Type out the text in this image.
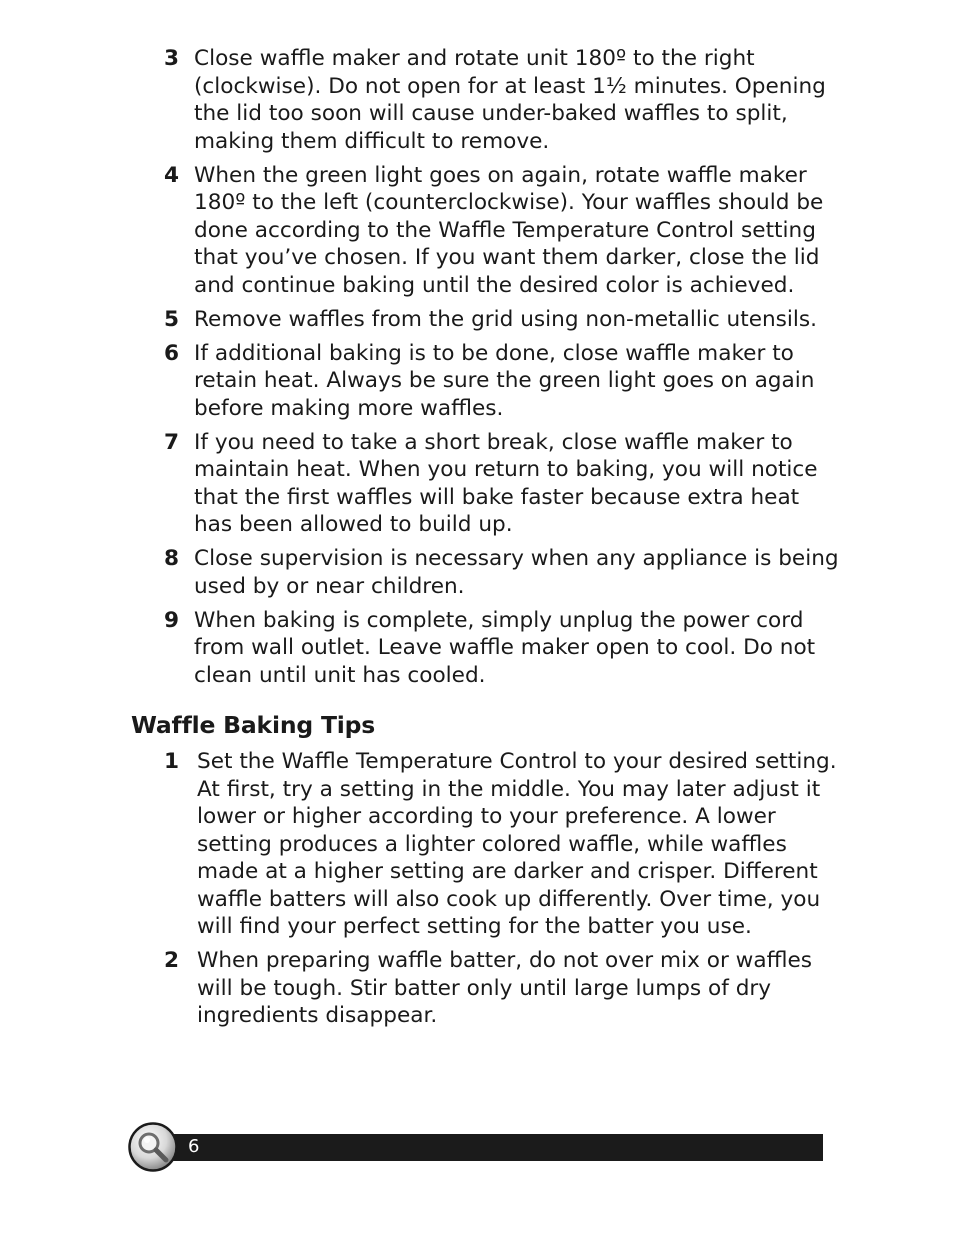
3 Close waffle maker and rotate unit 180º to the right (clockwise). Do not open for at least 1½ minutes. Opening the lid too soon will cause under-baked waffles to split, making them difficult to remove.
4 When the green light goes on again, rotate waffle maker 180º to the left (counterclockwise). Your waffles should be done according to the Waffle Temperature Control setting that you’ve chosen. If you want them darker, close the lid and continue baking until the desired color is achieved.
5 Remove waffles from the grid using non-metallic utensils.
6 If additional baking is to be done, close waffle maker to retain heat. Always be sure the green light goes on again before making more waffles.
7 If you need to take a short break, close waffle maker to maintain heat. When you return to baking, you will notice that the first waffles will bake faster because extra heat has been allowed to build up.
8 Close supervision is necessary when any appliance is being used by or near children.
9 When baking is complete, simply unplug the power cord from wall outlet. Leave waffle maker open to cool. Do not clean until unit has cooled.
Waffle Baking Tips
1 Set the Waffle Temperature Control to your desired setting. At first, try a setting in the middle. You may later adjust it lower or higher according to your preference. A lower setting produces a lighter colored waffle, while waffles made at a higher setting are darker and crisper. Different waffle batters will also cook up differently. Over time, you will find your perfect setting for the batter you use.
2 When preparing waffle batter, do not over mix or waffles will be tough. Stir batter only until large lumps of dry ingredients disappear.
6
